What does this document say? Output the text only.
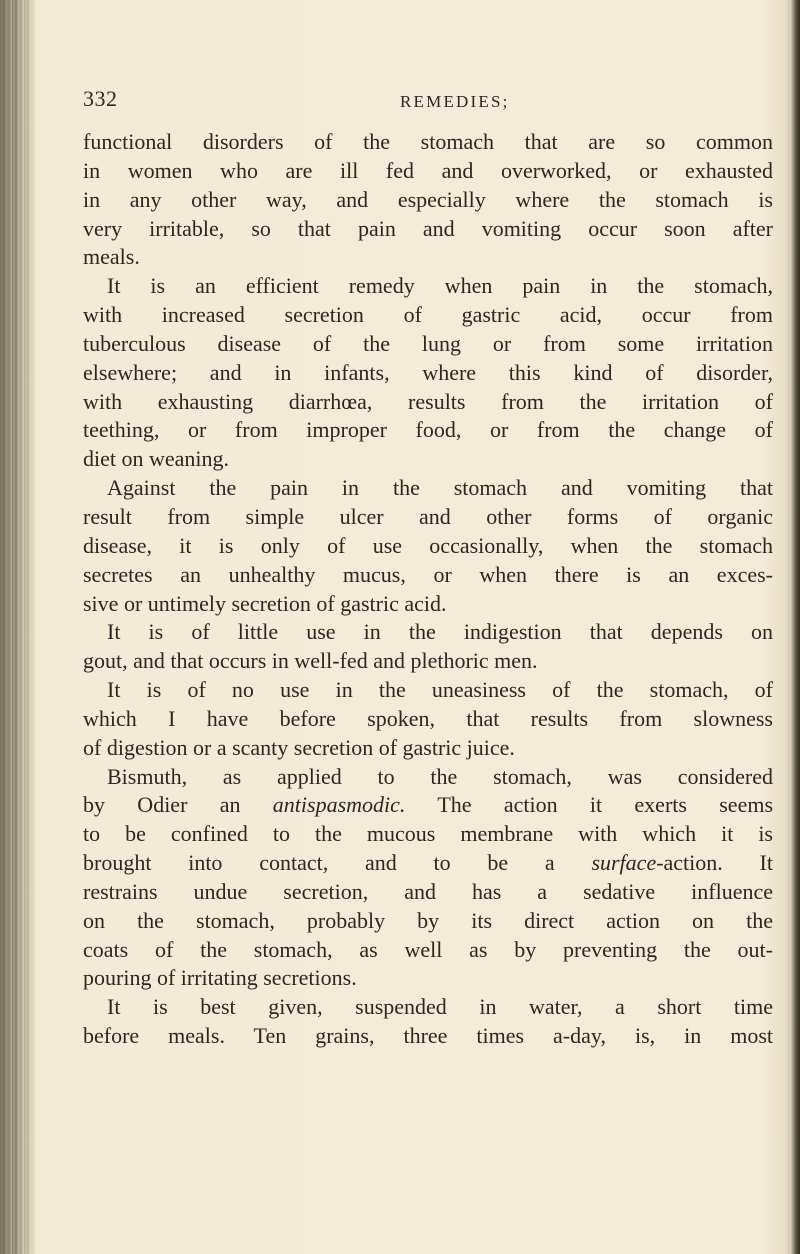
332	REMEDIES;
functional disorders of the stomach that are so common
in women who are ill fed and overworked, or exhausted
in any other way, and especially where the stomach is
very irritable, so that pain and vomiting occur soon after
meals.
It is an efficient remedy when pain in the stomach,
with increased secretion of gastric acid, occur from
tuberculous disease of the lung or from some irritation
elsewhere; and in infants, where this kind of disorder,
with exhausting diarrhœa, results from the irritation of
teething, or from improper food, or from the change of
diet on weaning.
Against the pain in the stomach and vomiting that
result from simple ulcer and other forms of organic
disease, it is only of use occasionally, when the stomach
secretes an unhealthy mucus, or when there is an exces-
sive or untimely secretion of gastric acid.
It is of little use in the indigestion that depends on
gout, and that occurs in well-fed and plethoric men.
It is of no use in the uneasiness of the stomach, of
which I have before spoken, that results from slowness
of digestion or a scanty secretion of gastric juice.
Bismuth, as applied to the stomach, was considered
by Odier an antispasmodic. The action it exerts seems
to be confined to the mucous membrane with which it is
brought into contact, and to be a surface-action. It
restrains undue secretion, and has a sedative influence
on the stomach, probably by its direct action on the
coats of the stomach, as well as by preventing the out-
pouring of irritating secretions.
It is best given, suspended in water, a short time
before meals. Ten grains, three times a-day, is, in most
